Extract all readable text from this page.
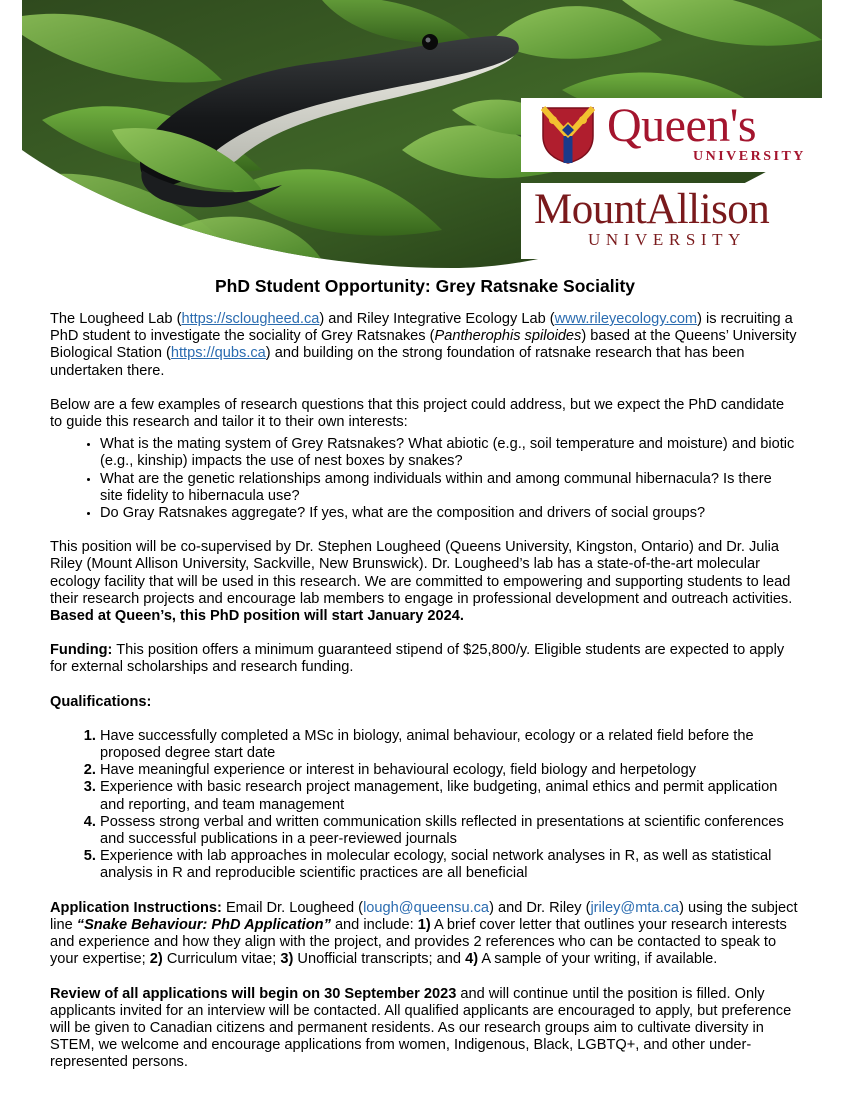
Queen's
UNIVERSITY
MountAllison
UNIVERSITY
PhD Student Opportunity: Grey Ratsnake Sociality

The Lougheed Lab (https://sclougheed.ca) and Riley Integrative Ecology Lab (www.rileyecology.com) is recruiting a PhD student to investigate the sociality of Grey Ratsnakes (Pantherophis spiloides) based at the Queens’ University Biological Station (https://qubs.ca) and building on the strong foundation of ratsnake research that has been undertaken there.

Below are a few examples of research questions that this project could address, but we expect the PhD candidate to guide this research and tailor it to their own interests:

• What is the mating system of Grey Ratsnakes? What abiotic (e.g., soil temperature and moisture) and biotic (e.g., kinship) impacts the use of nest boxes by snakes?
• What are the genetic relationships among individuals within and among communal hibernacula? Is there site fidelity to hibernacula use?
• Do Gray Ratsnakes aggregate? If yes, what are the composition and drivers of social groups?

This position will be co-supervised by Dr. Stephen Lougheed (Queens University, Kingston, Ontario) and Dr. Julia Riley (Mount Allison University, Sackville, New Brunswick). Dr. Lougheed’s lab has a state-of-the-art molecular ecology facility that will be used in this research. We are committed to empowering and supporting students to lead their research projects and encourage lab members to engage in professional development and outreach activities. Based at Queen’s, this PhD position will start January 2024.

Funding: This position offers a minimum guaranteed stipend of $25,800/y. Eligible students are expected to apply for external scholarships and research funding.

Qualifications:

1. Have successfully completed a MSc in biology, animal behaviour, ecology or a related field before the proposed degree start date
2. Have meaningful experience or interest in behavioural ecology, field biology and herpetology
3. Experience with basic research project management, like budgeting, animal ethics and permit application and reporting, and team management
4. Possess strong verbal and written communication skills reflected in presentations at scientific conferences and successful publications in a peer-reviewed journals
5. Experience with lab approaches in molecular ecology, social network analyses in R, as well as statistical analysis in R and reproducible scientific practices are all beneficial

Application Instructions: Email Dr. Lougheed (lough@queensu.ca) and Dr. Riley (jriley@mta.ca) using the subject line “Snake Behaviour: PhD Application” and include: 1) A brief cover letter that outlines your research interests and experience and how they align with the project, and provides 2 references who can be contacted to speak to your expertise; 2) Curriculum vitae; 3) Unofficial transcripts; and 4) A sample of your writing, if available.

Review of all applications will begin on 30 September 2023 and will continue until the position is filled. Only applicants invited for an interview will be contacted. All qualified applicants are encouraged to apply, but preference will be given to Canadian citizens and permanent residents. As our research groups aim to cultivate diversity in STEM, we welcome and encourage applications from women, Indigenous, Black, LGBTQ+, and other under-represented persons.
